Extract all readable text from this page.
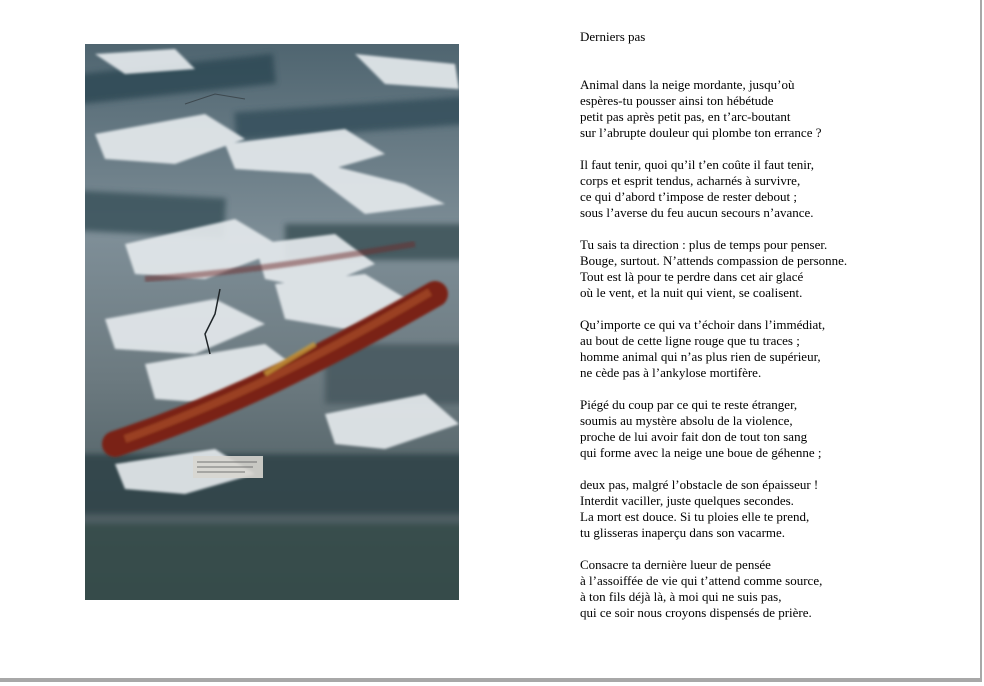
Derniers pas
Animal dans la neige mordante, jusqu’où
espères-tu pousser ainsi ton hébétude
petit pas après petit pas, en t’arc-boutant
sur l’abrupte douleur qui plombe ton errance ?
Il faut tenir, quoi qu’il t’en coûte il faut tenir,
corps et esprit tendus, acharnés à survivre,
ce qui d’abord t’impose de rester debout ;
sous l’averse du feu aucun secours n’avance.
Tu sais ta direction : plus de temps pour penser.
Bouge, surtout. N’attends compassion de personne.
Tout est là pour te perdre dans cet air glacé
où le vent, et la nuit qui vient, se coalisent.
Qu’importe ce qui va t’échoir dans l’immédiat,
au bout de cette ligne rouge que tu traces ;
homme animal qui n’as plus rien de supérieur,
ne cède pas à l’ankylose mortifère.
Piégé du coup par ce qui te reste étranger,
soumis au mystère absolu de la violence,
proche de lui avoir fait don de tout ton sang
qui forme avec la neige une boue de géhenne ;
deux pas, malgré l’obstacle de son épaisseur !
Interdit vaciller, juste quelques secondes.
La mort est douce. Si tu ploies elle te prend,
tu glisseras inaperçu dans son vacarme.
Consacre ta dernière lueur de pensée
à l’assoiffée de vie qui t’attend comme source,
à ton fils déjà là, à moi qui ne suis pas,
qui ce soir nous croyons dispensés de prière.
